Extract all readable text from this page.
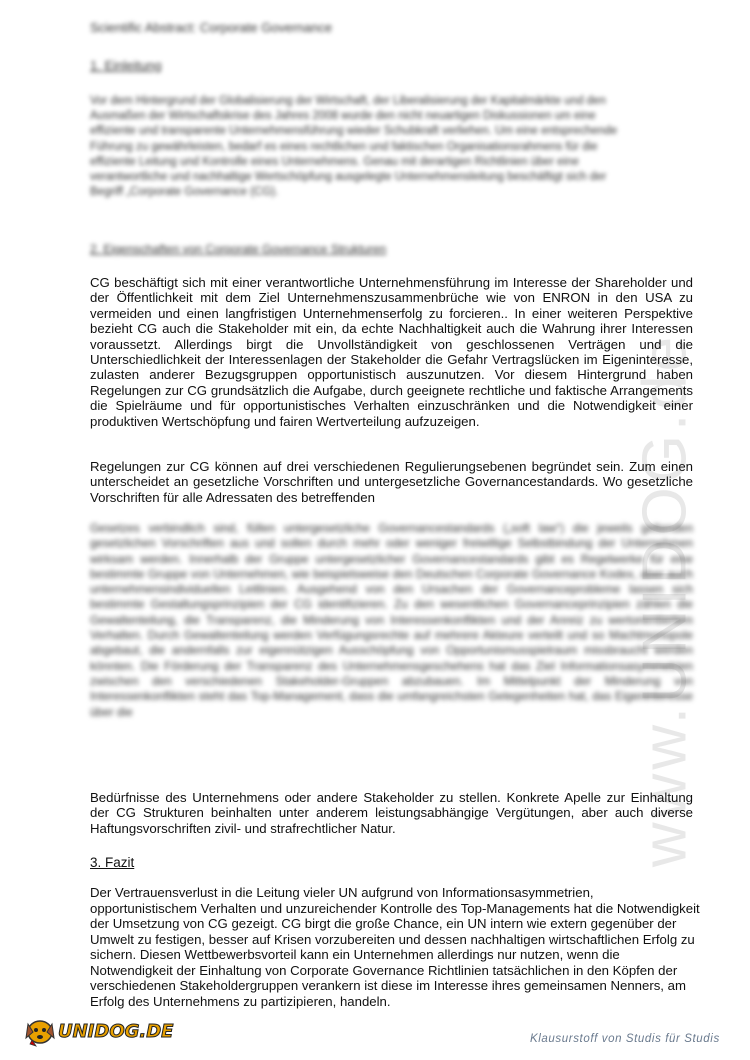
www.UNIDOG.de
Scientific Abstract: Corporate Governance
1. Einleitung
Vor dem Hintergrund der Globalisierung der Wirtschaft, der Liberalisierung der Kapitalmärkte und den Ausmaßen der Wirtschaftskrise des Jahres 2008 wurde den nicht neuartigen Diskussionen um eine effiziente und transparente Unternehmensführung wieder Schubkraft verliehen. Um eine entsprechende Führung zu gewährleisten, bedarf es eines rechtlichen und faktischen Organisationsrahmens für die effiziente Leitung und Kontrolle eines Unternehmens. Genau mit derartigen Richtlinien über eine verantwortliche und nachhaltige Wertschöpfung ausgelegte Unternehmensleitung beschäftigt sich der Begriff „Corporate Governance (CG).
2. Eigenschaften von Corporate Governance Strukturen

CG beschäftigt sich mit einer verantwortliche Unternehmensführung im Interesse der Shareholder und der Öffentlichkeit mit dem Ziel Unternehmenszusammenbrüche wie von ENRON in den USA zu vermeiden und einen langfristigen Unternehmenserfolg zu forcieren.. In einer weiteren Perspektive bezieht CG auch die Stakeholder mit ein, da echte Nachhaltigkeit auch die Wahrung ihrer Interessen voraussetzt. Allerdings birgt die Unvollständigkeit von geschlossenen Verträgen und die Unterschiedlichkeit der Interessenlagen der Stakeholder die Gefahr Vertragslücken im Eigeninteresse, zulasten anderer Bezugsgruppen opportunistisch auszunutzen. Vor diesem Hintergrund haben Regelungen zur CG grundsätzlich die Aufgabe, durch geeignete rechtliche und faktische Arrangements die Spielräume und für opportunistisches Verhalten einzuschränken und die Notwendigkeit einer produktiven Wertschöpfung und fairen Wertverteilung aufzuzeigen.

Regelungen zur CG können auf drei verschiedenen Regulierungsebenen begründet sein. Zum einen unterscheidet an gesetzliche Vorschriften und untergesetzliche Governancestandards. Wo gesetzliche Vorschriften für alle Adressaten des betreffenden

Gesetzes verbindlich sind, füllen untergesetzliche Governancestandards („soft law“) die jeweils geltenden gesetzlichen Vorschriften aus und sollen durch mehr oder weniger freiwillige Selbstbindung der Unternehmen wirksam werden. Innerhalb der Gruppe untergesetzlicher Governancestandards gibt es Regelwerke für eine bestimmte Gruppe von Unternehmen, wie beispielsweise den Deutschen Corporate Governance Kodex, aber auch unternehmensindividuellen Leitlinien. Ausgehend von den Ursachen der Governanceprobleme lassen sich bestimmte Gestaltungsprinzipien der CG identifizieren. Zu den wesentlichen Governanceprinzipien zählen die Gewaltenteilung, die Transparenz, die Minderung von Interessenkonflikten und der Anreiz zu wertorientiertem Verhalten. Durch Gewaltenteilung werden Verfügungsrechte auf mehrere Akteure verteilt und so Machtmonopole abgebaut, die andernfalls zur eigennützigen Ausschöpfung von Opportunismusspielraum missbraucht werden könnten. Die Förderung der Transparenz des Unternehmensgeschehens hat das Ziel Informationsasymmetrien zwischen den verschiedenen Stakeholder-Gruppen abzubauen. Im Mittelpunkt der Minderung von Interessenkonflikten steht das Top-Management, dass die umfangreichsten Gelegenheiten hat, das Eigeninteresse über die

Bedürfnisse des Unternehmens oder andere Stakeholder zu stellen. Konkrete Apelle zur Einhaltung der CG Strukturen beinhalten unter anderem leistungsabhängige Vergütungen, aber auch diverse Haftungsvorschriften zivil- und strafrechtlicher Natur.

3. Fazit

Der Vertrauensverlust in die Leitung vieler UN aufgrund von Informationsasymmetrien, opportunistischem Verhalten und unzureichender Kontrolle des Top-Managements hat die Notwendigkeit der Umsetzung von CG gezeigt. CG birgt die große Chance, ein UN intern wie extern gegenüber der Umwelt zu festigen, besser auf Krisen vorzubereiten und dessen nachhaltigen wirtschaftlichen Erfolg zu sichern. Diesen Wettbewerbsvorteil kann ein Unternehmen allerdings nur nutzen, wenn die Notwendigkeit der Einhaltung von Corporate Governance Richtlinien tatsächlichen in den Köpfen der verschiedenen Stakeholdergruppen verankern ist diese im Interesse ihres gemeinsamen Nenners, am Erfolg des Unternehmens zu partizipieren, handeln.

UNIDOG.DE	Klausurstoff von Studis für Studis
